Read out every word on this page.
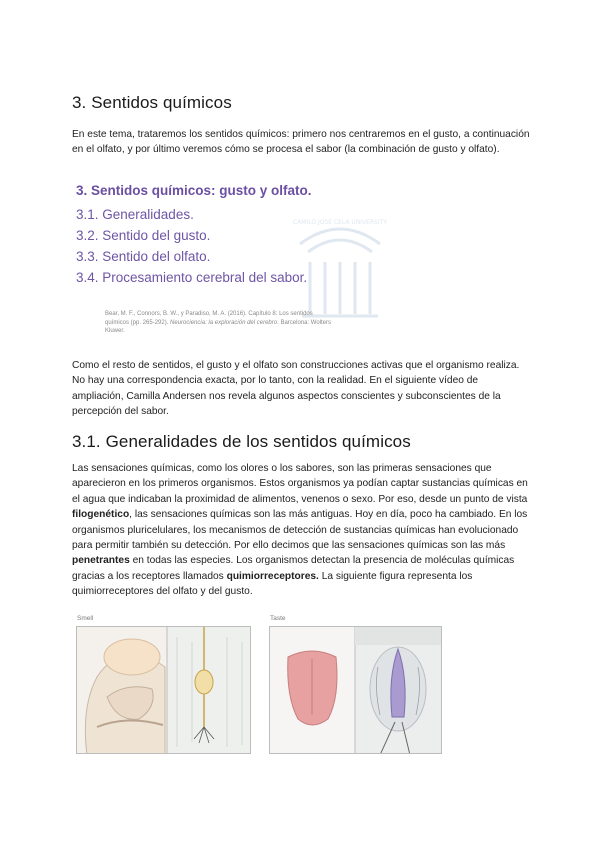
3. Sentidos químicos

En este tema, trataremos los sentidos químicos: primero nos centraremos en el gusto, a continuación en el olfato, y por último veremos cómo se procesa el sabor (la combinación de gusto y olfato).

CAMILO JOSÉ CELA UNIVERSITY
3. Sentidos químicos: gusto y olfato.
3.1. Generalidades.
3.2. Sentido del gusto.
3.3. Sentido del olfato.
3.4. Procesamiento cerebral del sabor.
Bear, M. F., Connors, B. W., y Paradiso, M. A. (2016). Capítulo 8: Los sentidos químicos (pp. 265-292). Neurociencia: la exploración del cerebro. Barcelona: Wolters Kluwer.

Como el resto de sentidos, el gusto y el olfato son construcciones activas que el organismo realiza. No hay una correspondencia exacta, por lo tanto, con la realidad. En el siguiente vídeo de ampliación, Camilla Andersen nos revela algunos aspectos conscientes y subconscientes de la percepción del sabor.

3.1. Generalidades de los sentidos químicos

Las sensaciones químicas, como los olores o los sabores, son las primeras sensaciones que aparecieron en los primeros organismos. Estos organismos ya podían captar sustancias químicas en el agua que indicaban la proximidad de alimentos, venenos o sexo. Por eso, desde un punto de vista filogenético, las sensaciones químicas son las más antiguas. Hoy en día, poco ha cambiado. En los organismos pluricelulares, los mecanismos de detección de sustancias químicas han evolucionado para permitir también su detección. Por ello decimos que las sensaciones químicas son las más penetrantes en todas las especies. Los organismos detectan la presencia de moléculas químicas gracias a los receptores llamados quimiorreceptores. La siguiente figura representa los quimiorreceptores del olfato y del gusto.

Smell	Taste
